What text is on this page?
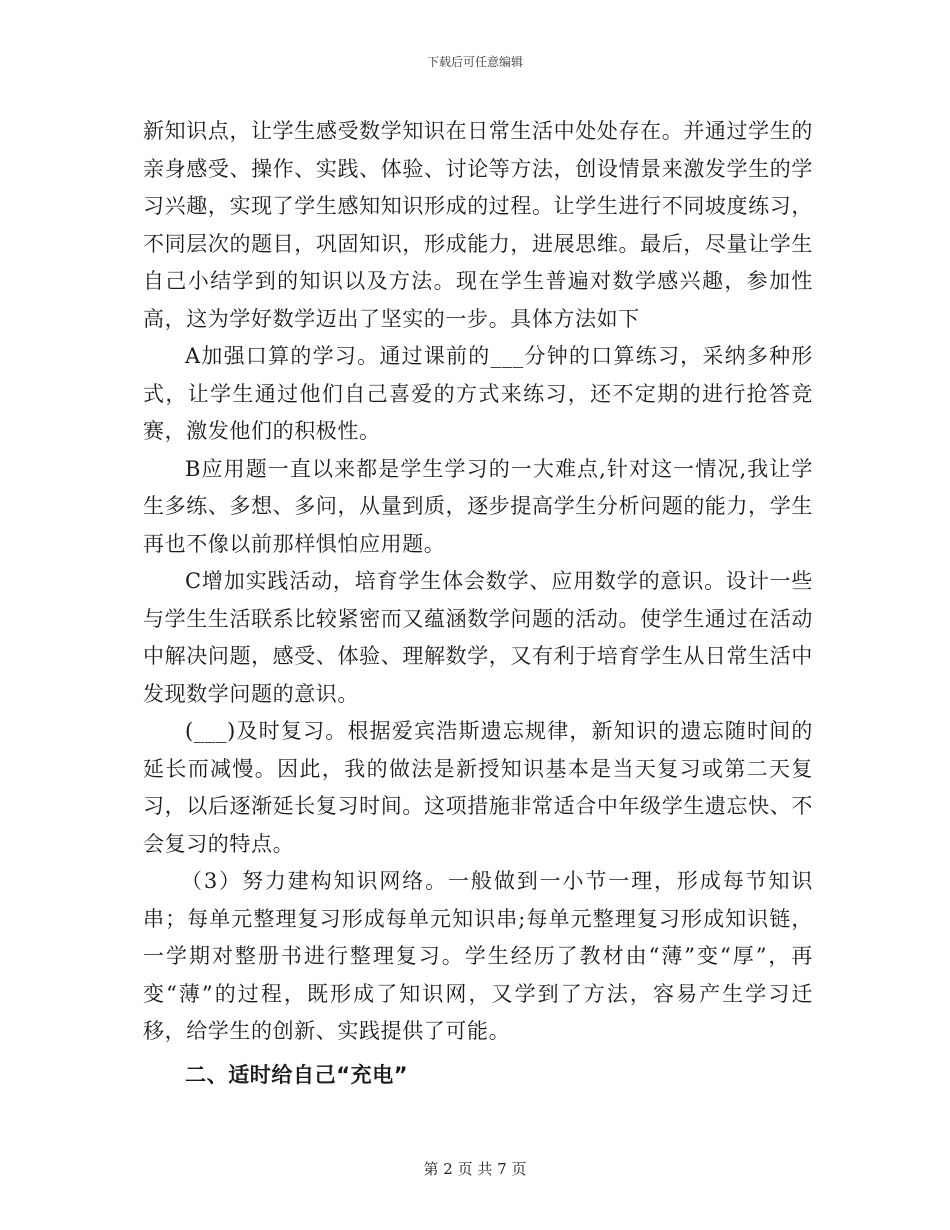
下载后可任意编辑

新知识点，让学生感受数学知识在日常生活中处处存在。并通过学生的亲身感受、操作、实践、体验、讨论等方法，创设情景来激发学生的学习兴趣，实现了学生感知知识形成的过程。让学生进行不同坡度练习，不同层次的题目，巩固知识，形成能力，进展思维。最后，尽量让学生自己小结学到的知识以及方法。现在学生普遍对数学感兴趣，参加性高，这为学好数学迈出了坚实的一步。具体方法如下

A加强口算的学习。通过课前的___分钟的口算练习，采纳多种形式，让学生通过他们自己喜爱的方式来练习，还不定期的进行抢答竞赛，激发他们的积极性。

B应用题一直以来都是学生学习的一大难点,针对这一情况,我让学生多练、多想、多问，从量到质，逐步提高学生分析问题的能力，学生再也不像以前那样惧怕应用题。

C增加实践活动，培育学生体会数学、应用数学的意识。设计一些与学生生活联系比较紧密而又蕴涵数学问题的活动。使学生通过在活动中解决问题，感受、体验、理解数学，又有利于培育学生从日常生活中发现数学问题的意识。

(___)及时复习。根据爱宾浩斯遗忘规律，新知识的遗忘随时间的延长而减慢。因此，我的做法是新授知识基本是当天复习或第二天复习，以后逐渐延长复习时间。这项措施非常适合中年级学生遗忘快、不会复习的特点。

（3）努力建构知识网络。一般做到一小节一理，形成每节知识串；每单元整理复习形成每单元知识串;每单元整理复习形成知识链，一学期对整册书进行整理复习。学生经历了教材由“薄”变“厚”，再变“薄”的过程，既形成了知识网，又学到了方法，容易产生学习迁移，给学生的创新、实践提供了可能。

二、适时给自己“充电”
第 2 页 共 7 页
